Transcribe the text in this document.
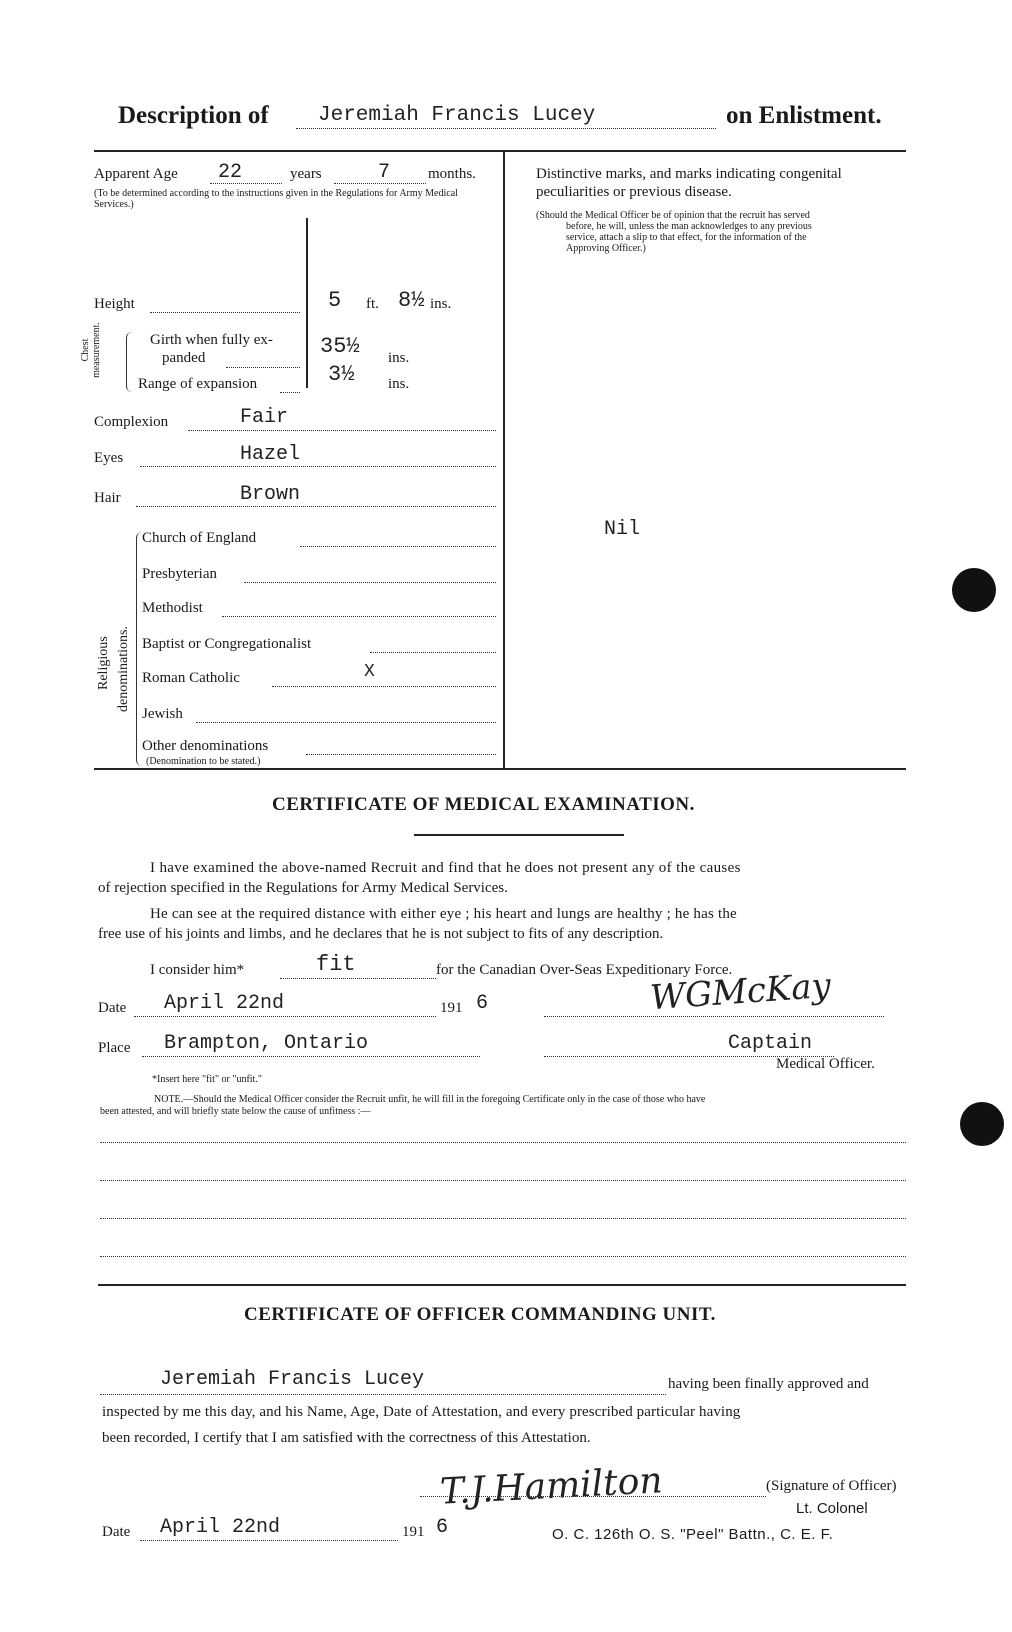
Description of Jeremiah Francis Lucey	on Enlistment.
Apparent Age 22	years	7	months.
(To be determined according to the instructions given in the Regulations for Army Medical Services.)
Height	5 ft. 8½ ins.
Chest measurement.	Girth when fully ex-
panded	35½ ins.
Range of expansion	3½ ins.
Complexion	Fair
Eyes	Hazel
Hair	Brown
Religious denominations.
Church of England
Presbyterian
Methodist
Baptist or Congregationalist
Roman Catholic	X
Jewish
Other denominations
(Denomination to be stated.)
Distinctive marks, and marks indicating congenital
peculiarities or previous disease.
(Should the Medical Officer be of opinion that the recruit has served
before, he will, unless the man acknowledges to any previous
service, attach a slip to that effect, for the information of the
Approving Officer.)
Nil
CERTIFICATE OF MEDICAL EXAMINATION.
I have examined the above-named Recruit and find that he does not present any of the causes
of rejection specified in the Regulations for Army Medical Services.
He can see at the required distance with either eye ; his heart and lungs are healthy ; he has the
free use of his joints and limbs, and he declares that he is not subject to fits of any description.
I consider him*	fit	for the Canadian Over-Seas Expeditionary Force.
Date April 22nd	191 6	WGMcKay
Place Brampton, Ontario	Captain
Medical Officer.
*Insert here "fit" or "unfit."
NOTE.—Should the Medical Officer consider the Recruit unfit, he will fill in the foregoing Certificate only in the case of those who have
been attested, and will briefly state below the cause of unfitness :—
CERTIFICATE OF OFFICER COMMANDING UNIT.
Jeremiah Francis Lucey	having been finally approved and
inspected by me this day, and his Name, Age, Date of Attestation, and every prescribed particular having
been recorded, I certify that I am satisfied with the correctness of this Attestation.
T.J.Hamilton	(Signature of Officer)
Lt. Colonel
Date April 22nd	191 6	O. C. 126th O. S. "Peel" Battn., C. E. F.
